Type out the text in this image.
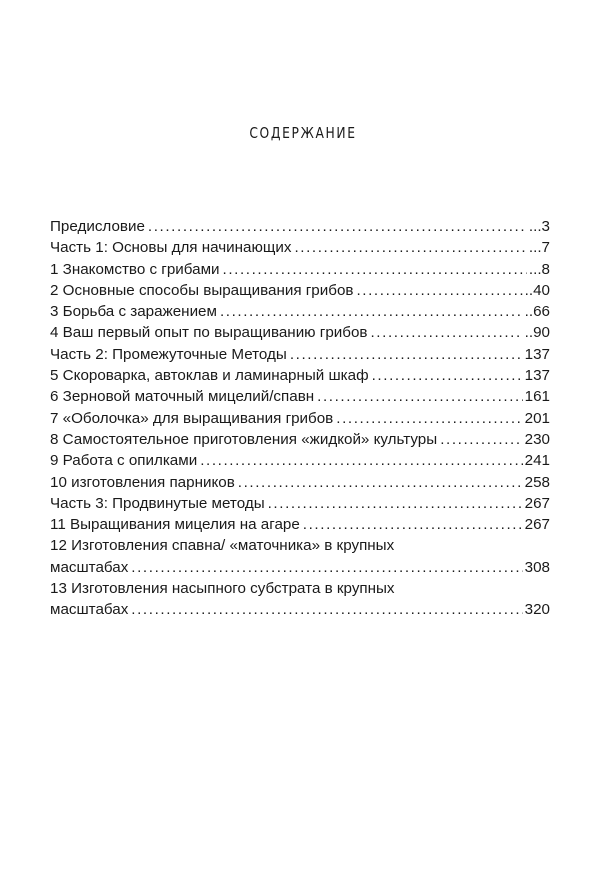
СОДЕРЖАНИЕ
Предисловие .....	...3
Часть 1: Основы для начинающих .....	...7
1 Знакомство с грибами .....	...8
2 Основные способы выращивания грибов .....	..40
3 Борьба с заражением .....	..66
4 Ваш первый опыт по выращиванию грибов .....	..90
Часть 2: Промежуточные Методы .....	137
5 Скороварка, автоклав и ламинарный шкаф .....	137
6 Зерновой маточный мицелий/спавн .....	161
7 «Оболочка» для выращивания грибов .....	201
8 Самостоятельное приготовления «жидкой» культуры .....	230
9 Работа с опилками .....	241
10 изготовления парников .....	258
Часть 3: Продвинутые методы .....	267
11 Выращивания мицелия на агаре .....	267
12 Изготовления спавна/ «маточника» в крупных
масштабах .....	308
13 Изготовления насыпного субстрата в крупных
масштабах .....	320
